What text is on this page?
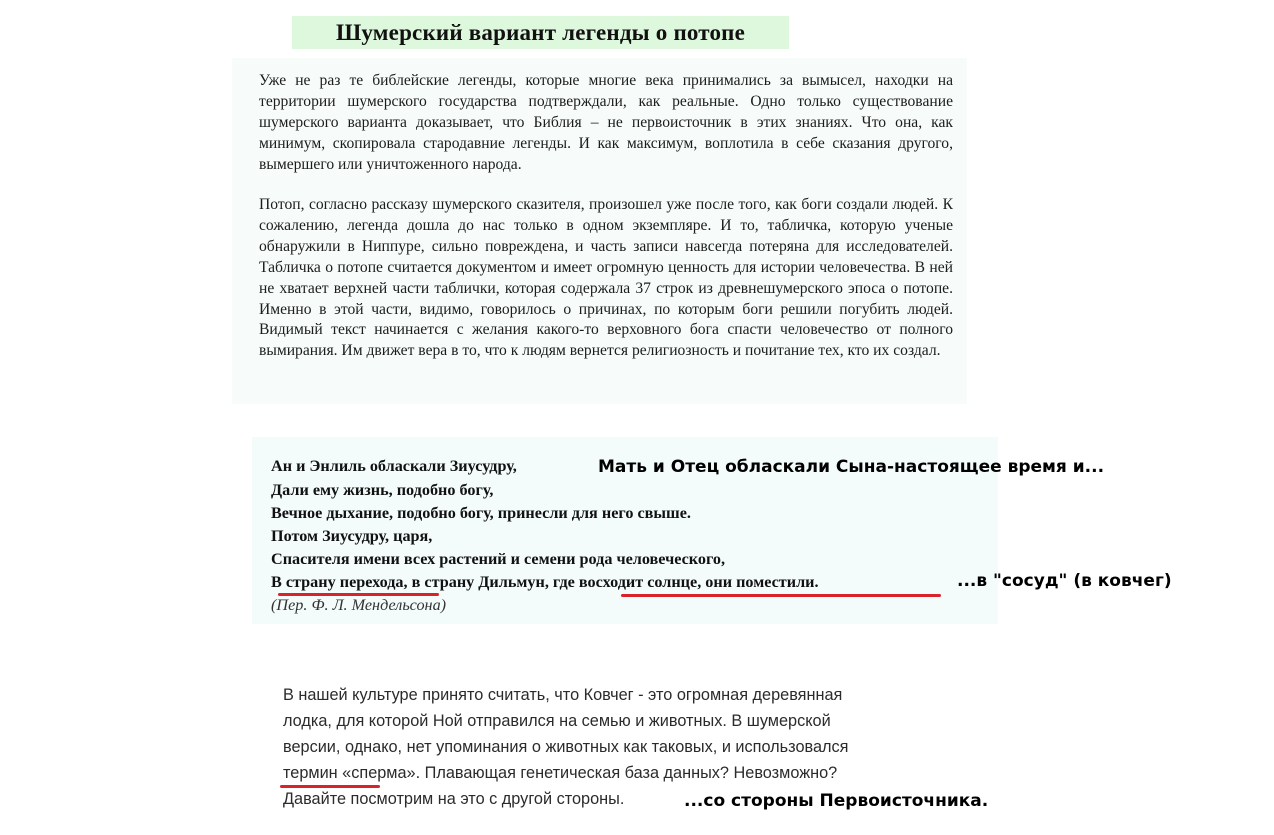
Шумерский вариант легенды о потопе

Уже не раз те библейские легенды, которые многие века принимались за вымысел, находки на территории шумерского государства подтверждали, как реальные. Одно только существование шумерского варианта доказывает, что Библия – не первоисточник в этих знаниях. Что она, как минимум, скопировала стародавние легенды. И как максимум, воплотила в себе сказания другого, вымершего или уничтоженного народа.

Потоп, согласно рассказу шумерского сказителя, произошел уже после того, как боги создали людей. К сожалению, легенда дошла до нас только в одном экземпляре. И то, табличка, которую ученые обнаружили в Ниппуре, сильно повреждена, и часть записи навсегда потеряна для исследователей. Табличка о потопе считается документом и имеет огромную ценность для истории человечества. В ней не хватает верхней части таблички, которая содержала 37 строк из древнешумерского эпоса о потопе. Именно в этой части, видимо, говорилось о причинах, по которым боги решили погубить людей. Видимый текст начинается с желания какого-то верховного бога спасти человечество от полного вымирания. Им движет вера в то, что к людям вернется религиозность и почитание тех, кто их создал.

Ан и Энлиль обласкали Зиусудру,

Дали ему жизнь, подобно богу,

Вечное дыхание, подобно богу, принесли для него свыше.

Потом Зиусудру, царя,

Спасителя имени всех растений и семени рода человеческого,

В страну перехода, в страну Дильмун, где восходит солнце, они поместили.

(Пер. Ф. Л. Мендельсона)

Мать и Отец обласкали Сына-настоящее время и...

...в "сосуд" (в ковчег)

В нашей культуре принято считать, что Ковчег - это огромная деревянная

лодка, для которой Ной отправился на семью и животных. В шумерской

версии, однако, нет упоминания о животных как таковых, и использовался

термин «сперма». Плавающая генетическая база данных? Невозможно?

Давайте посмотрим на это с другой стороны.	...со стороны Первоисточника.
